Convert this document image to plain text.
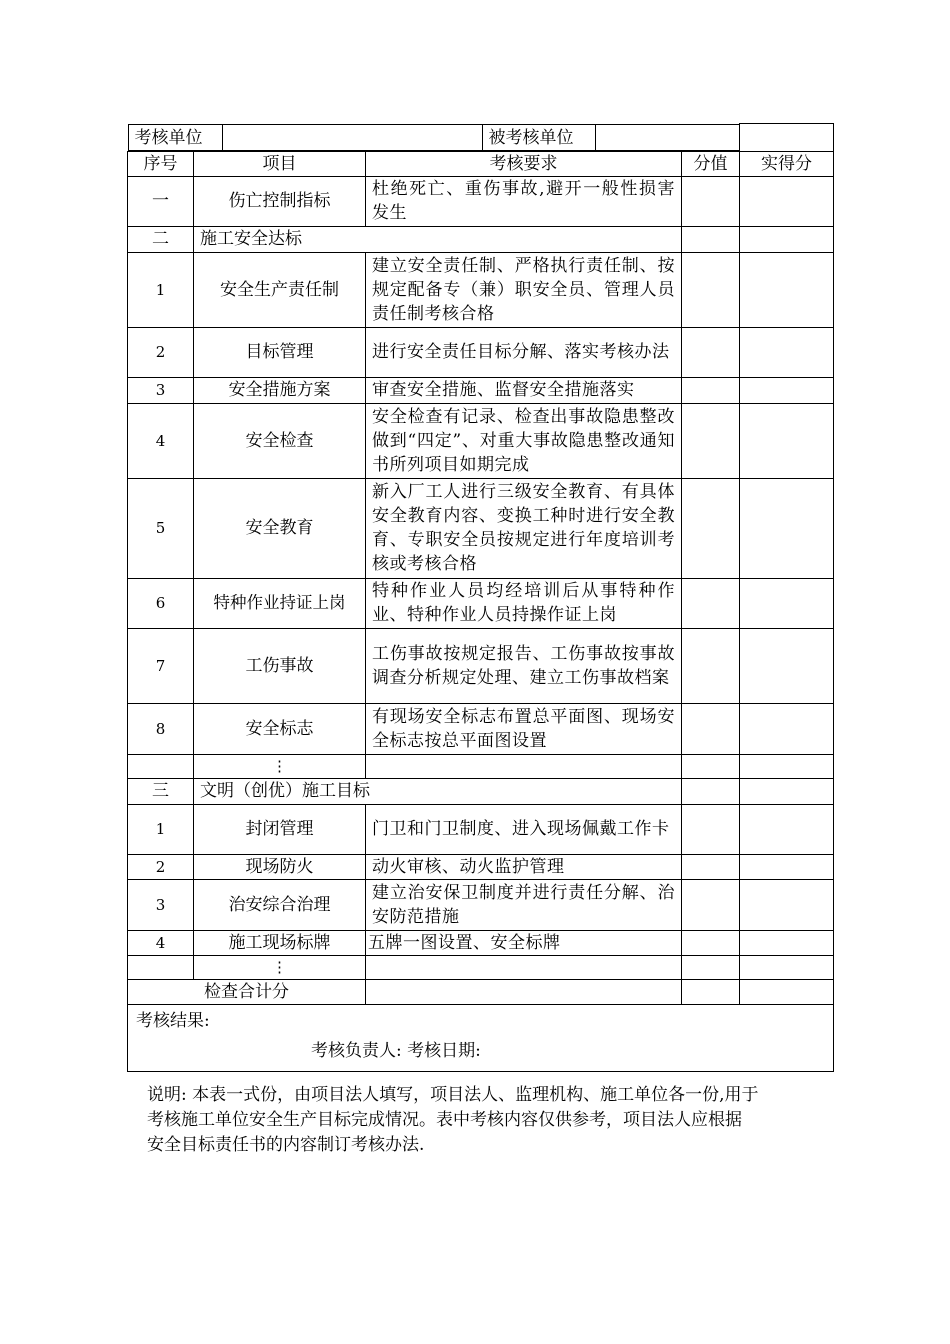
考核单位 被考核单位				

序号	项目	考核要求	分值	实得分
一	伤亡控制指标	杜绝死亡、重伤事故,避开一般性损害发生		
二	施工安全达标			
1	安全生产责任制	建立安全责任制、严格执行责任制、按规定配备专（兼）职安全员、管理人员责任制考核合格		
2	目标管理	进行安全责任目标分解、落实考核办法		
3	安全措施方案	审查安全措施、监督安全措施落实		
4	安全检查	安全检查有记录、检查出事故隐患整改做到“四定”、对重大事故隐患整改通知书所列项目如期完成		
5	安全教育	新入厂工人进行三级安全教育、有具体安全教育内容、变换工种时进行安全教育、专职安全员按规定进行年度培训考核或考核合格		
6	特种作业持证上岗	特种作业人员均经培训后从事特种作业、特种作业人员持操作证上岗		
7	工伤事故	工伤事故按规定报告、工伤事故按事故调查分析规定处理、建立工伤事故档案		
8	安全标志	有现场安全标志布置总平面图、现场安全标志按总平面图设置		
	⋮			
三	文明（创优）施工目标			
1	封闭管理	门卫和门卫制度、进入现场佩戴工作卡		
2	现场防火	动火审核、动火监护管理		
3	治安综合治理	建立治安保卫制度并进行责任分解、治安防范措施		
4	施工现场标牌	五牌一图设置、安全标牌		
	⋮			
检查合计分				

考核结果:
考核负责人: 考核日期:				

说明: 本表一式份，由项目法人填写，项目法人、监理机构、施工单位各一份,用于

考核施工单位安全生产目标完成情况。表中考核内容仅供参考，项目法人应根据

安全目标责任书的内容制订考核办法.
